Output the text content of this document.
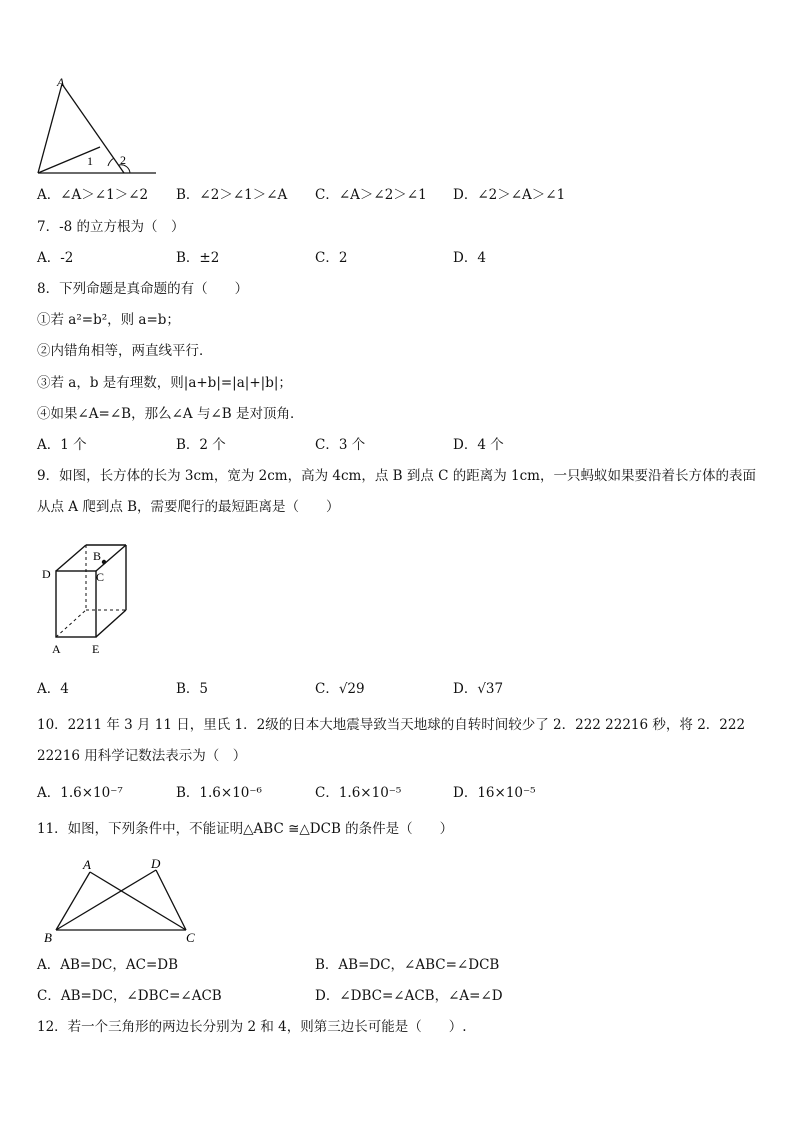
A
1 2
A．∠A＞∠1＞∠2 B．∠2＞∠1＞∠A C．∠A＞∠2＞∠1 D．∠2＞∠A＞∠1
7．-8 的立方根为（　）
A．-2	B．±2	C．2	D．4
8．下列命题是真命题的有（　　）
①若 a²=b²，则 a=b；
②内错角相等，两直线平行．
③若 a，b 是有理数，则|a+b|=|a|+|b|；
④如果∠A=∠B，那么∠A 与∠B 是对顶角．
A．1 个	B．2 个	C．3 个	D．4 个
9．如图，长方体的长为 3cm，宽为 2cm，高为 4cm，点 B 到点 C 的距离为 1cm，一只蚂蚁如果要沿着长方体的表面
从点 A 爬到点 B，需要爬行的最短距离是（　　）
B
C
D
A	E
A．4	B．5	C．√29	D．√37
10．2211 年 3 月 11 日，里氏 1．2级的日本大地震导致当天地球的自转时间较少了 2．222 22216 秒，将 2．222
22216 用科学记数法表示为（　）
A．1.6×10⁻⁷	B．1.6×10⁻⁶	C．1.6×10⁻⁵	D．16×10⁻⁵
11．如图，下列条件中，不能证明△ABC ≅△DCB 的条件是（　　）
A	D
B	C
A．AB=DC，AC=DB	B．AB=DC，∠ABC=∠DCB
C．AB=DC，∠DBC=∠ACB	D．∠DBC=∠ACB，∠A=∠D
12．若一个三角形的两边长分别为 2 和 4，则第三边长可能是（　　）.
